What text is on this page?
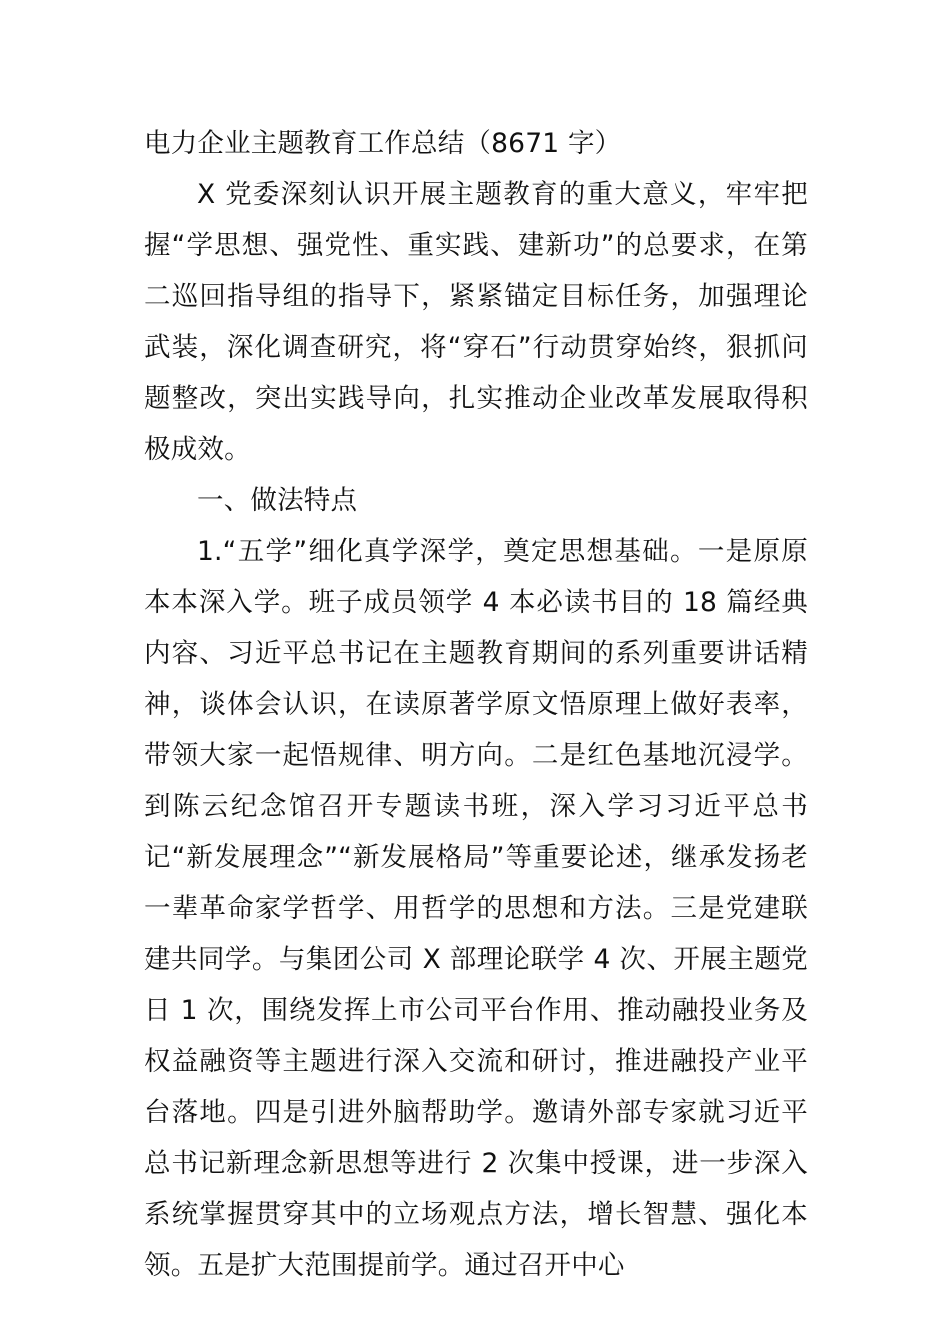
电力企业主题教育工作总结（8671 字）

X 党委深刻认识开展主题教育的重大意义，牢牢把握“学思想、强党性、重实践、建新功”的总要求，在第二巡回指导组的指导下，紧紧锚定目标任务，加强理论武装，深化调查研究，将“穿石”行动贯穿始终，狠抓问题整改，突出实践导向，扎实推动企业改革发展取得积极成效。

一、做法特点

1.“五学”细化真学深学，奠定思想基础。一是原原本本深入学。班子成员领学 4 本必读书目的 18 篇经典内容、习近平总书记在主题教育期间的系列重要讲话精神，谈体会认识，在读原著学原文悟原理上做好表率，带领大家一起悟规律、明方向。二是红色基地沉浸学。到陈云纪念馆召开专题读书班，深入学习习近平总书记“新发展理念”“新发展格局”等重要论述，继承发扬老一辈革命家学哲学、用哲学的思想和方法。三是党建联建共同学。与集团公司 X 部理论联学 4 次、开展主题党日 1 次，围绕发挥上市公司平台作用、推动融投业务及权益融资等主题进行深入交流和研讨，推进融投产业平台落地。四是引进外脑帮助学。邀请外部专家就习近平总书记新理念新思想等进行 2 次集中授课，进一步深入系统掌握贯穿其中的立场观点方法，增长智慧、强化本领。五是扩大范围提前学。通过召开中心
